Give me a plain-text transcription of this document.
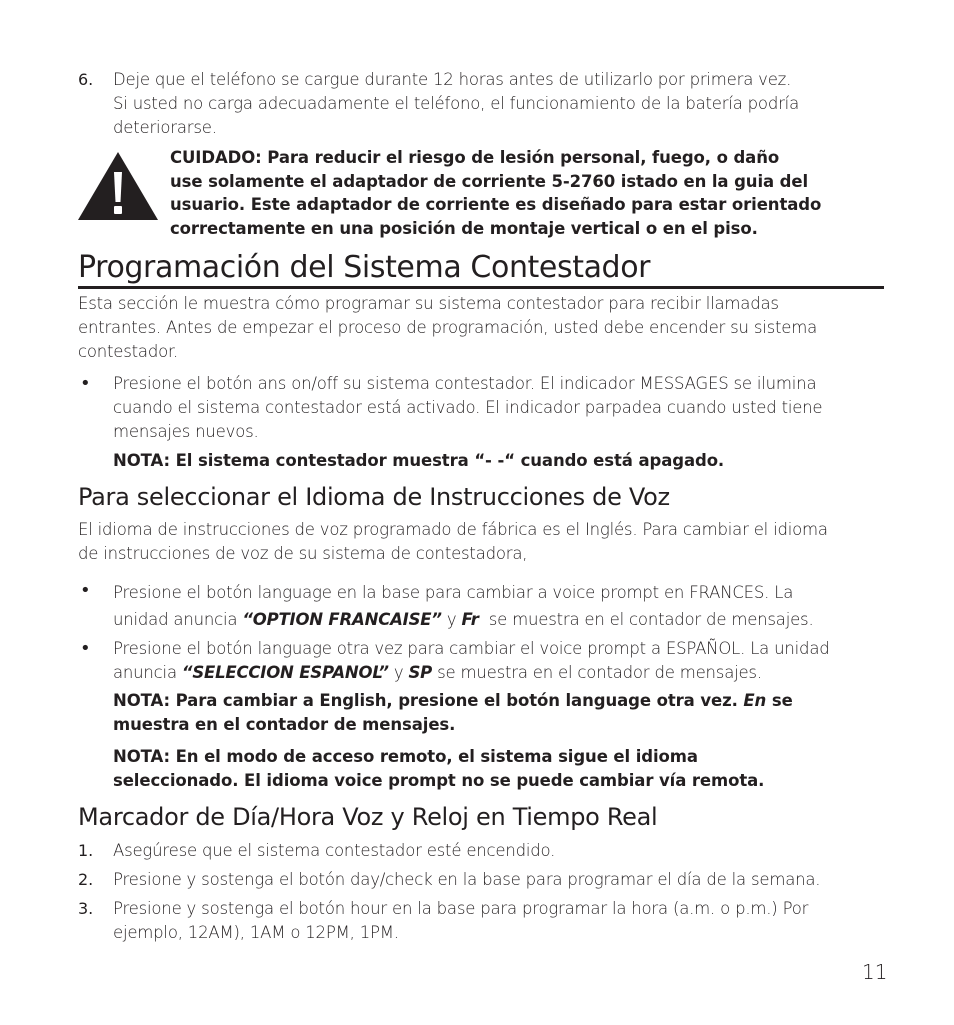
6. Deje que el teléfono se cargue durante 12 horas antes de utilizarlo por primera vez.
Si usted no carga adecuadamente el teléfono, el funcionamiento de la batería podría
deteriorarse.
CUIDADO: Para reducir el riesgo de lesión personal, fuego, o daño
use solamente el adaptador de corriente 5-2760 istado en la guia del
usuario. Este adaptador de corriente es diseñado para estar orientado
correctamente en una posición de montaje vertical o en el piso.
Programación del Sistema Contestador
Esta sección le muestra cómo programar su sistema contestador para recibir llamadas
entrantes. Antes de empezar el proceso de programación, usted debe encender su sistema
contestador.
• Presione el botón ans on/off su sistema contestador. El indicador MESSAGES se ilumina
cuando el sistema contestador está activado. El indicador parpadea cuando usted tiene
mensajes nuevos.
NOTA: El sistema contestador muestra “- -“ cuando está apagado.
Para seleccionar el Idioma de Instrucciones de Voz
El idioma de instrucciones de voz programado de fábrica es el Inglés. Para cambiar el idioma
de instrucciones de voz de su sistema de contestadora,
• Presione el botón language en la base para cambiar a voice prompt en FRANCES. La
unidad anuncia “OPTION FRANCAISE” y Fr  se muestra en el contador de mensajes.
• Presione el botón language otra vez para cambiar el voice prompt a ESPAÑOL. La unidad
anuncia “SELECCION ESPANOL” y SP se muestra en el contador de mensajes.
NOTA: Para cambiar a English, presione el botón language otra vez. En se
muestra en el contador de mensajes.
NOTA: En el modo de acceso remoto, el sistema sigue el idioma
seleccionado. El idioma voice prompt no se puede cambiar vía remota.
Marcador de Día/Hora Voz y Reloj en Tiempo Real
1. Asegúrese que el sistema contestador esté encendido.
2. Presione y sostenga el botón day/check en la base para programar el día de la semana.
3. Presione y sostenga el botón hour en la base para programar la hora (a.m. o p.m.) Por
ejemplo, 12AM), 1AM o 12PM, 1PM.
11
